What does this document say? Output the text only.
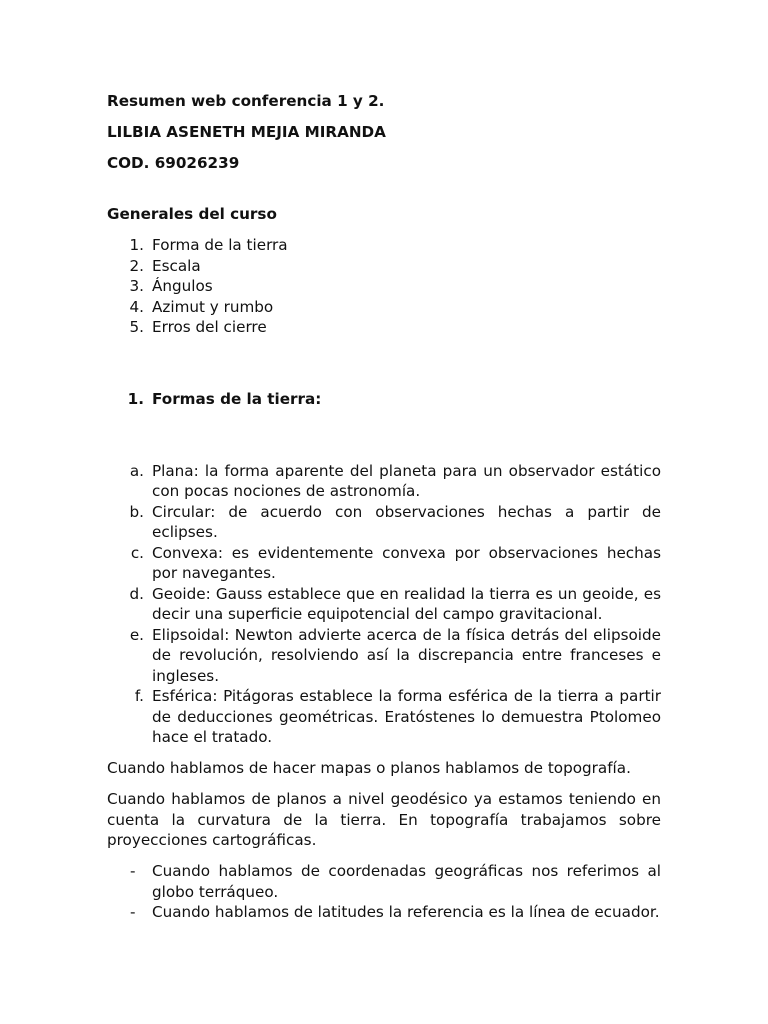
Resumen web conferencia 1 y 2.
LILBIA ASENETH MEJIA MIRANDA
COD. 69026239
Generales del curso
1. Forma de la tierra
2. Escala
3. Ángulos
4. Azimut y rumbo
5. Erros del cierre
1. Formas de la tierra:
a. Plana: la forma aparente del planeta para un observador estático con pocas nociones de astronomía.
b. Circular: de acuerdo con observaciones hechas a partir de eclipses.
c. Convexa: es evidentemente convexa por observaciones hechas por navegantes.
d. Geoide: Gauss establece que en realidad la tierra es un geoide, es decir una superficie equipotencial del campo gravitacional.
e. Elipsoidal: Newton advierte acerca de la física detrás del elipsoide de revolución, resolviendo así la discrepancia entre franceses e ingleses.
f. Esférica: Pitágoras establece la forma esférica de la tierra a partir de deducciones geométricas. Eratóstenes lo demuestra Ptolomeo hace el tratado.

Cuando hablamos de hacer mapas o planos hablamos de topografía.

Cuando hablamos de planos a nivel geodésico ya estamos teniendo en cuenta la curvatura de la tierra. En topografía trabajamos sobre proyecciones cartográficas.

- Cuando hablamos de coordenadas geográficas nos referimos al globo terráqueo.
- Cuando hablamos de latitudes la referencia es la línea de ecuador.
